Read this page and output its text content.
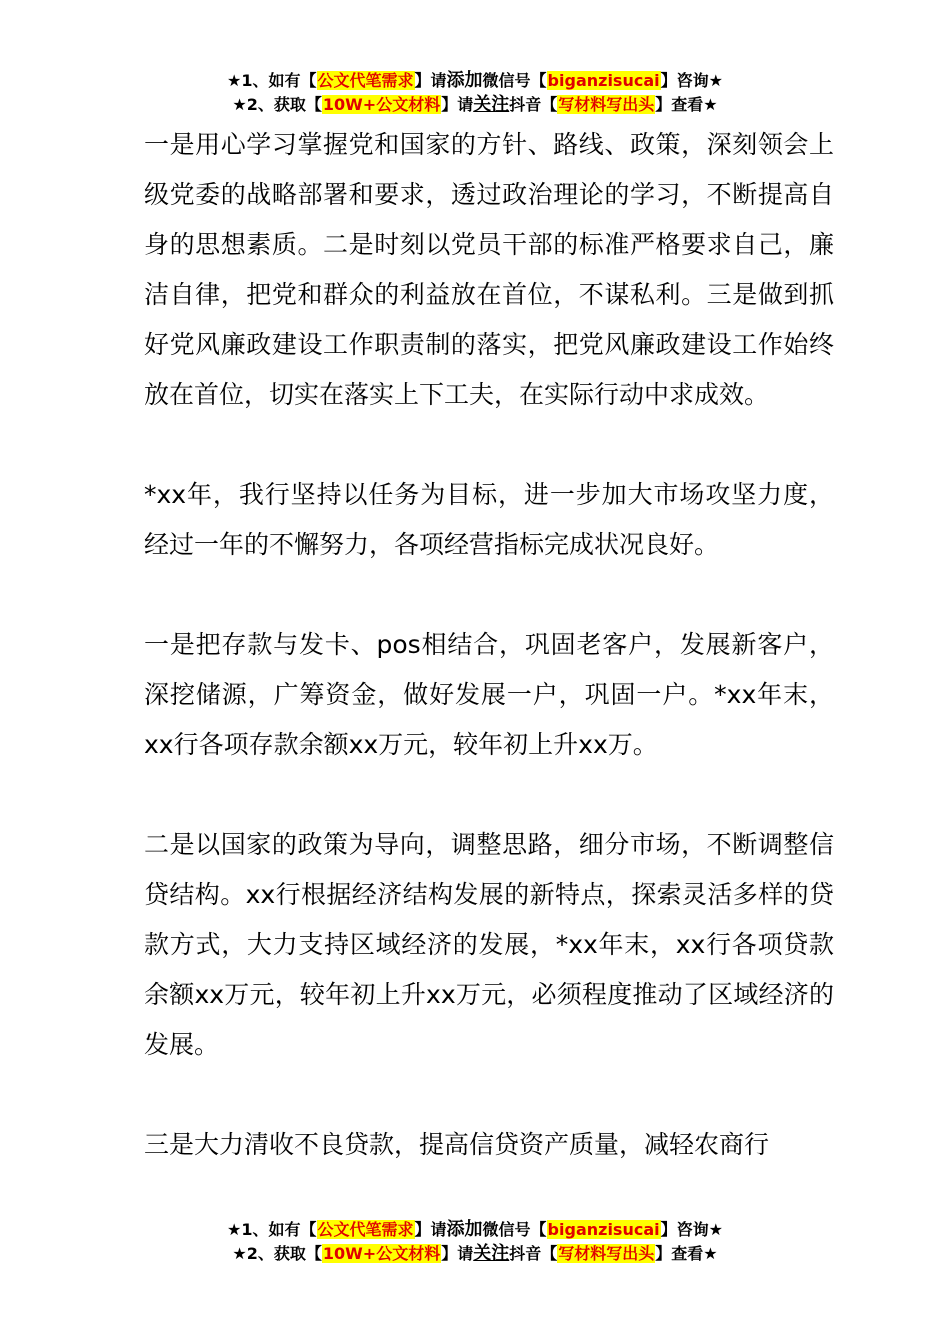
★1、如有【公文代笔需求】请添加微信号【biganzisucai】咨询★
★2、获取【10W+公文材料】请关注抖音【写材料写出头】查看★

一是用心学习掌握党和国家的方针、路线、政策，深刻领会上级党委的战略部署和要求，透过政治理论的学习，不断提高自身的思想素质。二是时刻以党员干部的标准严格要求自己，廉洁自律，把党和群众的利益放在首位，不谋私利。三是做到抓好党风廉政建设工作职责制的落实，把党风廉政建设工作始终放在首位，切实在落实上下工夫，在实际行动中求成效。

*xx年，我行坚持以任务为目标，进一步加大市场攻坚力度，经过一年的不懈努力，各项经营指标完成状况良好。

一是把存款与发卡、pos相结合，巩固老客户，发展新客户，深挖储源，广筹资金，做好发展一户，巩固一户。*xx年末，xx行各项存款余额xx万元，较年初上升xx万。

二是以国家的政策为导向，调整思路，细分市场，不断调整信贷结构。xx行根据经济结构发展的新特点，探索灵活多样的贷款方式，大力支持区域经济的发展，*xx年末，xx行各项贷款余额xx万元，较年初上升xx万元，必须程度推动了区域经济的发展。

三是大力清收不良贷款，提高信贷资产质量，减轻农商行

★1、如有【公文代笔需求】请添加微信号【biganzisucai】咨询★
★2、获取【10W+公文材料】请关注抖音【写材料写出头】查看★
